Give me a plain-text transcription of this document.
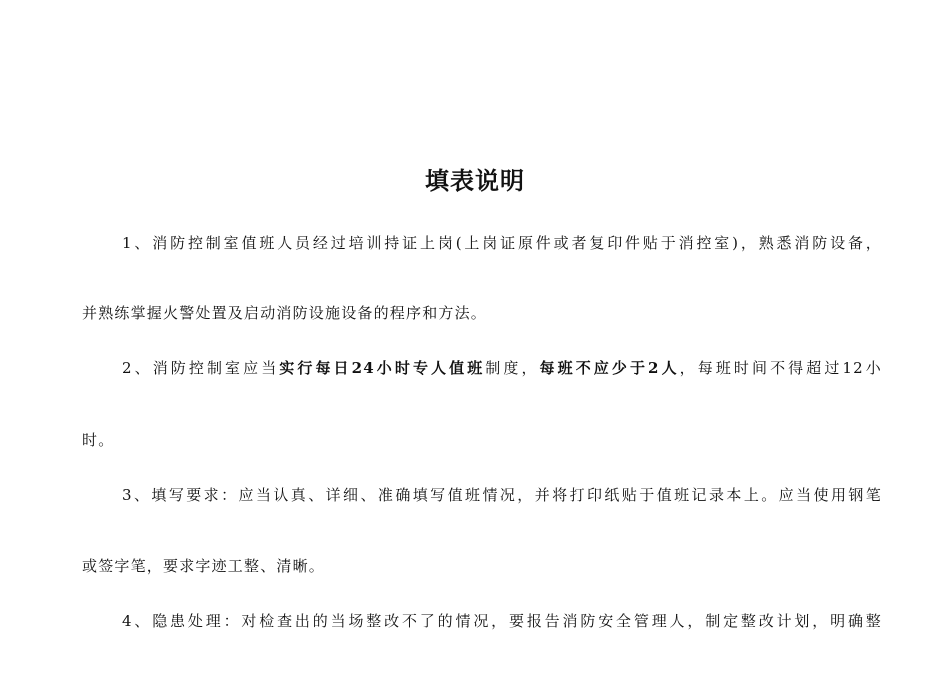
填表说明
1、消防控制室值班人员经过培训持证上岗(上岗证原件或者复印件贴于消控室)，熟悉消防设备，
并熟练掌握火警处置及启动消防设施设备的程序和方法。
2、消防控制室应当实行每日24小时专人值班制度，每班不应少于2人，每班时间不得超过12小
时。
3、填写要求：应当认真、详细、准确填写值班情况，并将打印纸贴于值班记录本上。应当使用钢笔
或签字笔，要求字迹工整、清晰。
4、隐患处理：对检查出的当场整改不了的情况，要报告消防安全管理人，制定整改计划，明确整
